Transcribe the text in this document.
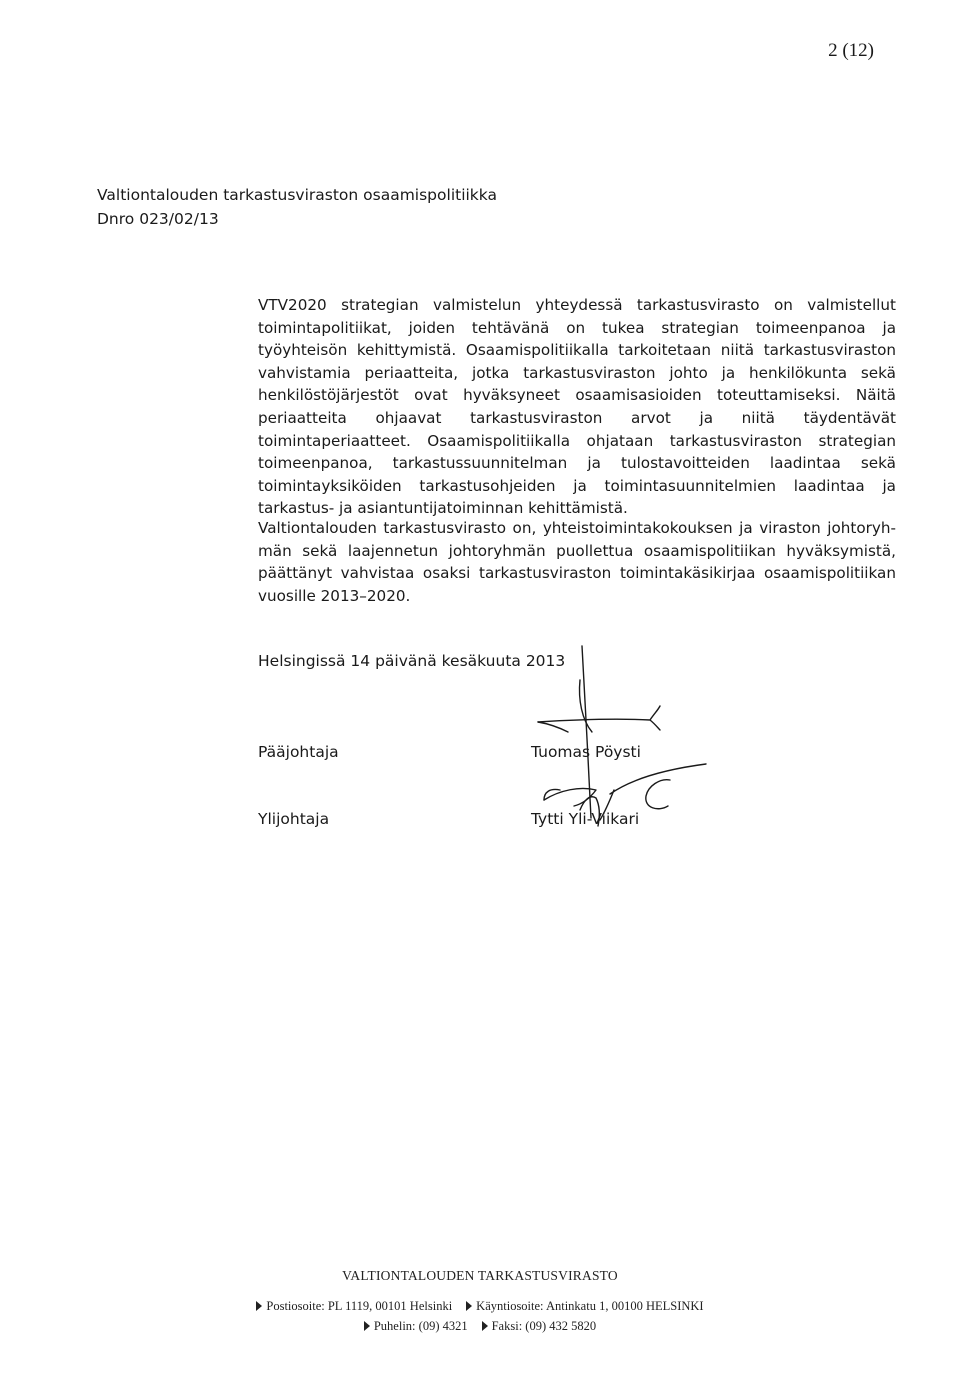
2 (12)
Valtiontalouden tarkastusviraston osaamispolitiikka
Dnro 023/02/13
VTV2020 strategian valmistelun yhteydessä tarkastusvirasto on valmistellut toimintapolitiikat, joiden tehtävänä on tukea strategian toimeenpanoa ja työyhteisön kehittymistä. Osaamispolitiikalla tarkoitetaan niitä tarkastusviraston vahvistamia periaatteita, jotka tarkastusviraston johto ja henkilökunta sekä henkilöstöjärjestöt ovat hyväksyneet osaamisasioiden toteuttamiseksi. Näitä periaatteita ohjaavat tarkastusviraston arvot ja niitä täydentävät toimintaperiaatteet. Osaamispolitiikalla ohjataan tarkastusviraston strategian toimeenpanoa, tarkastussuunnitelman ja tulostavoitteiden laadintaa sekä toimintayksiköiden tarkastusohjeiden ja toimintasuunnitelmien laadintaa ja tarkastus- ja asiantuntijatoiminnan kehittämistä.
Valtiontalouden tarkastusvirasto on, yhteistoimintakokouksen ja viraston johtoryhmän sekä laajennetun johtoryhmän puollettua osaamispolitiikan hyväksymistä, päättänyt vahvistaa osaksi tarkastusviraston toimintakäsikirjaa osaamispolitiikan vuosille 2013–2020.
Helsingissä 14 päivänä kesäkuuta 2013
Pääjohtaja	Tuomas Pöysti
Ylijohtaja	Tytti Yli-Viikari
VALTIONTALOUDEN TARKASTUSVIRASTO
Postiosoite: PL 1119, 00101 Helsinki Käyntiosoite: Antinkatu 1, 00100 HELSINKI
Puhelin: (09) 4321 Faksi: (09) 432 5820
